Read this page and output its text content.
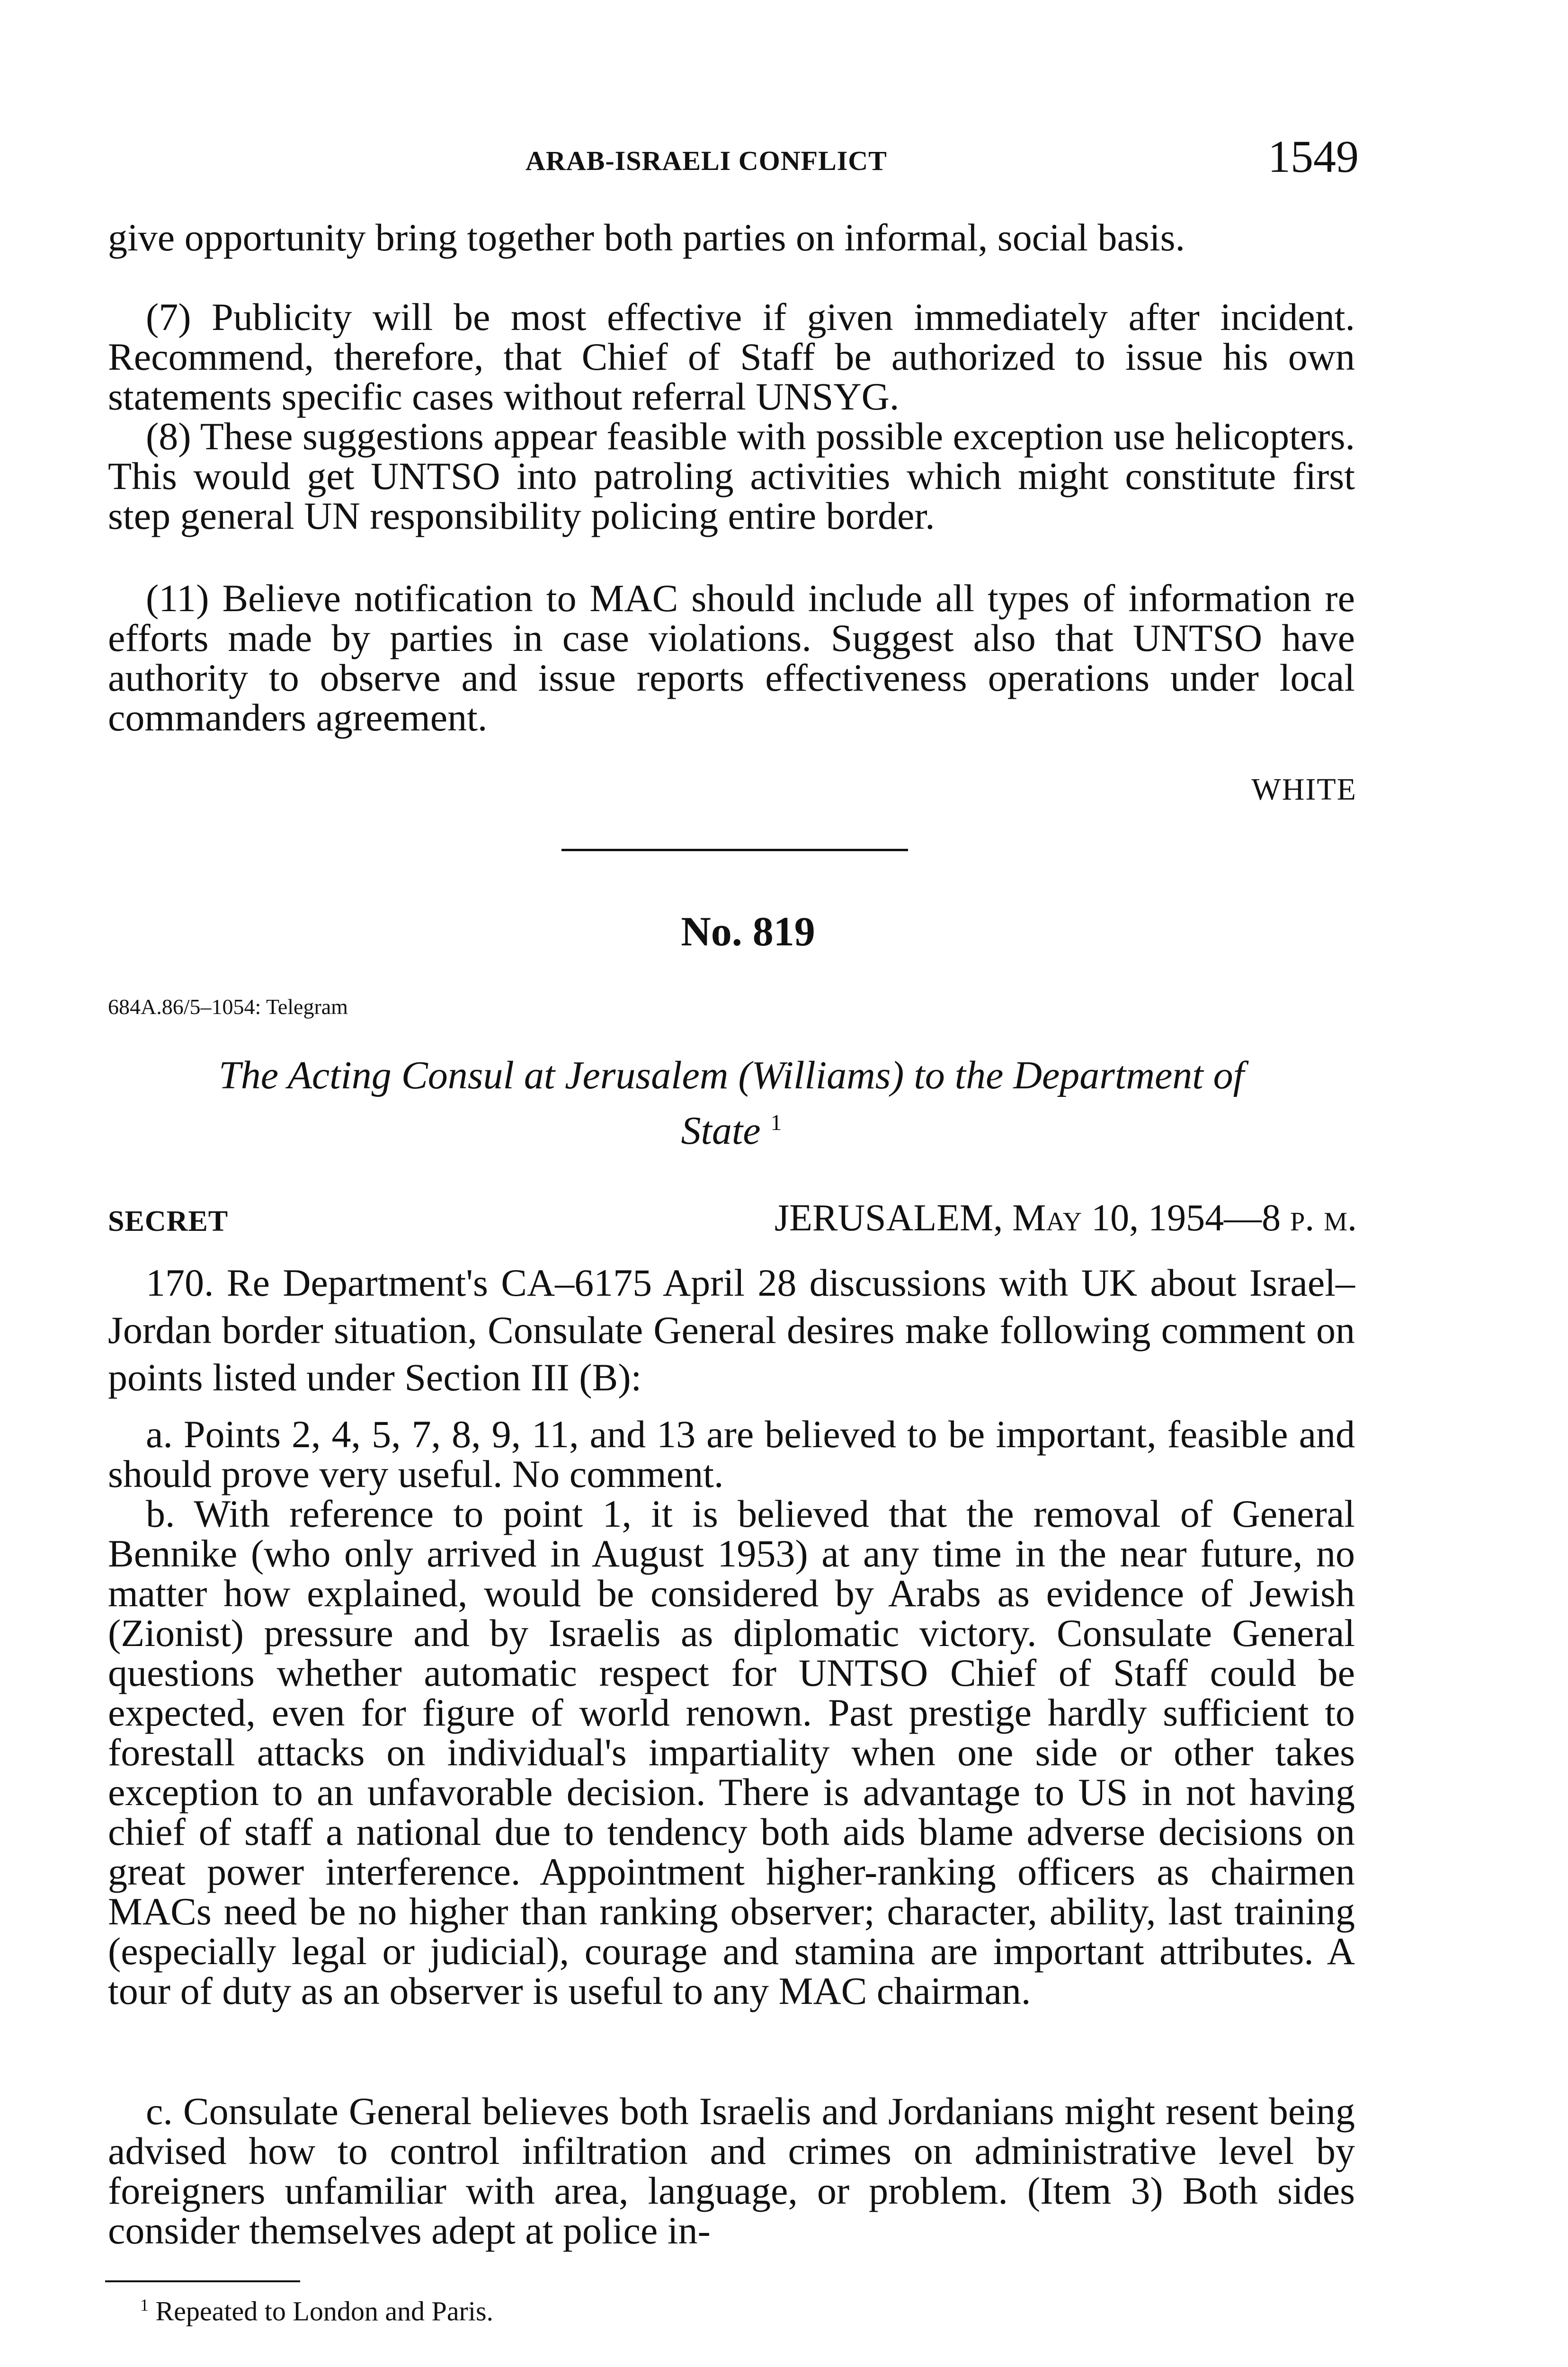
ARAB-ISRAELI CONFLICT	1549
give opportunity bring together both parties on informal, social basis.
(7) Publicity will be most effective if given immediately after incident. Recommend, therefore, that Chief of Staff be authorized to issue his own statements specific cases without referral UNSYG.
(8) These suggestions appear feasible with possible exception use helicopters. This would get UNTSO into patroling activities which might constitute first step general UN responsibility policing entire border.
(11) Believe notification to MAC should include all types of information re efforts made by parties in case violations. Suggest also that UNTSO have authority to observe and issue reports effectiveness operations under local commanders agreement.
WHITE
No. 819
684A.86/5–1054: Telegram
The Acting Consul at Jerusalem (Williams) to the Department of
State $^1$
SECRET	JERUSALEM, May 10, 1954—8 p. m.
170. Re Department's CA–6175 April 28 discussions with UK about Israel–Jordan border situation, Consulate General desires make following comment on points listed under Section III (B):
a. Points 2, 4, 5, 7, 8, 9, 11, and 13 are believed to be important, feasible and should prove very useful. No comment.
b. With reference to point 1, it is believed that the removal of General Bennike (who only arrived in August 1953) at any time in the near future, no matter how explained, would be considered by Arabs as evidence of Jewish (Zionist) pressure and by Israelis as diplomatic victory. Consulate General questions whether automatic respect for UNTSO Chief of Staff could be expected, even for figure of world renown. Past prestige hardly sufficient to forestall attacks on individual's impartiality when one side or other takes exception to an unfavorable decision. There is advantage to US in not having chief of staff a national due to tendency both aids blame adverse decisions on great power interference. Appointment higher-ranking officers as chairmen MACs need be no higher than ranking observer; character, ability, last training (especially legal or judicial), courage and stamina are important attributes. A tour of duty as an observer is useful to any MAC chairman.
c. Consulate General believes both Israelis and Jordanians might resent being advised how to control infiltration and crimes on administrative level by foreigners unfamiliar with area, language, or problem. (Item 3) Both sides consider themselves adept at police in-
$^1$ Repeated to London and Paris.
